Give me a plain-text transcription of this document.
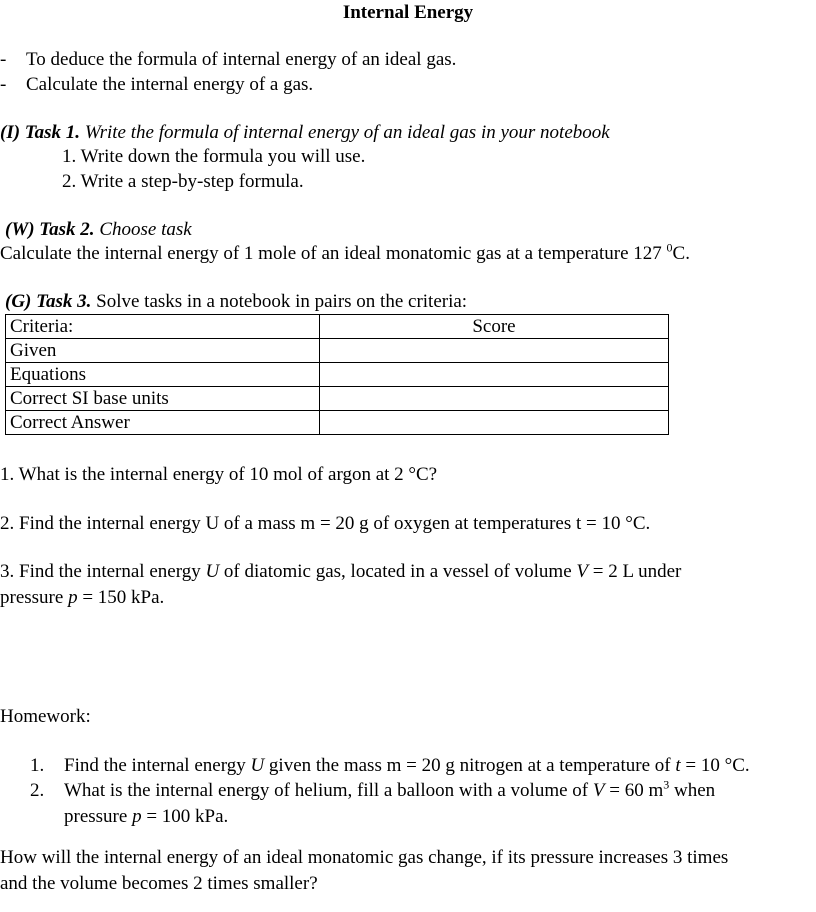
Internal Energy
- To deduce the formula of internal energy of an ideal gas.
- Calculate the internal energy of a gas.
(I) Task 1. Write the formula of internal energy of an ideal gas in your notebook
1. Write down the formula you will use.
2. Write a step-by-step formula.
(W) Task 2. Choose task
Calculate the internal energy of 1 mole of an ideal monatomic gas at a temperature 127 $^0$C.
(G) Task 3. Solve tasks in a notebook in pairs on the criteria:
Criteria:	Score
Given	
Equations	
Correct SI base units	
Correct Answer	
1. What is the internal energy of 10 mol of argon at 2 °C?
2. Find the internal energy U of a mass m = 20 g of oxygen at temperatures t = 10 °C.
3. Find the internal energy U of diatomic gas, located in a vessel of volume V = 2 L under
pressure p = 150 kPa.
Homework:
1. Find the internal energy U given the mass m = 20 g nitrogen at a temperature of t = 10 °C.
2. What is the internal energy of helium, fill a balloon with a volume of V = 60 $m^3$ when
pressure p = 100 kPa.
How will the internal energy of an ideal monatomic gas change, if its pressure increases 3 times
and the volume becomes 2 times smaller?
